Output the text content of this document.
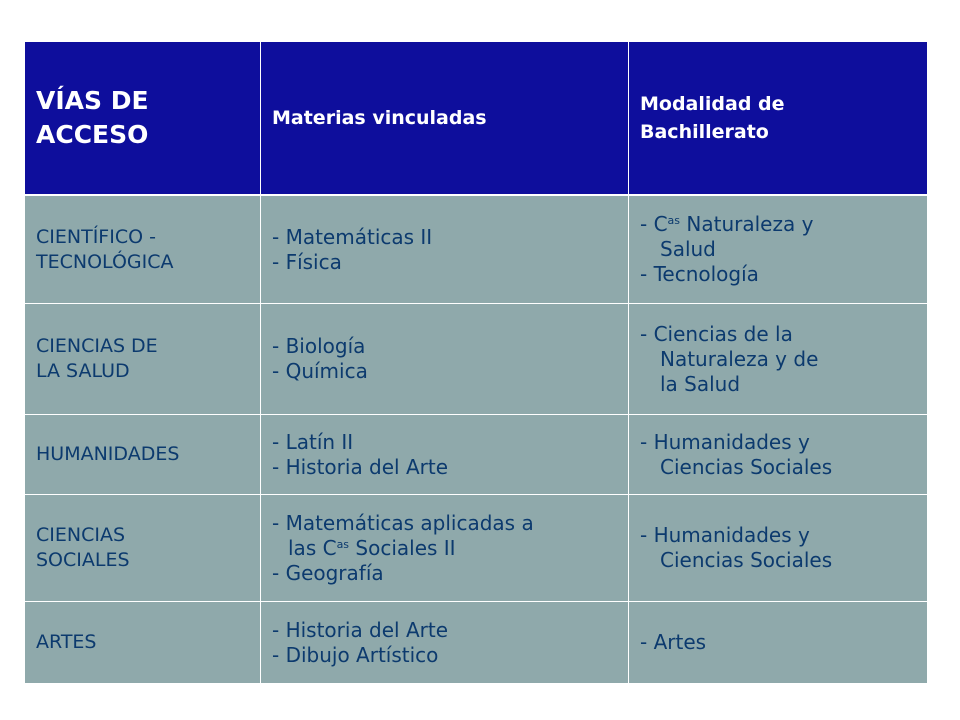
VÍAS DE
ACCESO
Materias vinculadas
Modalidad de
Bachillerato
CIENTÍFICO -
TECNOLÓGICA
- Matemáticas II
- Física
- $C^{as}$ Naturaleza y
Salud
- Tecnología
CIENCIAS DE
LA SALUD
- Biología
- Química
- Ciencias de la
Naturaleza y de
la Salud
HUMANIDADES
- Latín II
- Historia del Arte
- Humanidades y
Ciencias Sociales
CIENCIAS
SOCIALES
- Matemáticas aplicadas a
las $C^{as}$ Sociales II
- Geografía
- Humanidades y
Ciencias Sociales
ARTES
- Historia del Arte
- Dibujo Artístico
- Artes
